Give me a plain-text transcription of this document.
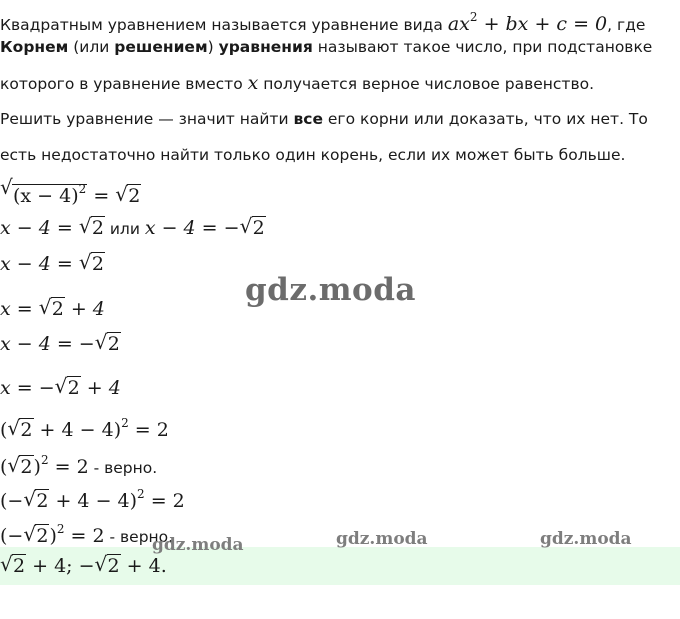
Квадратным уравнением называется уравнение вида $ax^2$ + bx + c = 0, где
Корнем (или решением) уравнения называют такое число, при подстановке
которого в уравнение вместо x получается верное числовое равенство.
Решить уравнение — значит найти все его корни или доказать, что их нет. То
есть недостаточно найти только один корень, если их может быть больше.
√ $(x - 4)^2$ = √ 2
x − 4 = √ 2 или x − 4 = − √ 2
x − 4 = √ 2
x = √ 2 + 4
x − 4 = − √ 2
x = − √ 2 + 4
( √ 2 + 4 − 4)$^2$ = 2
( √ 2)$^2$ = 2 - верно.
(− √ 2 + 4 − 4)$^2$ = 2
(− √ 2)$^2$ = 2 - верно.
√ 2 + 4; − √ 2 + 4.
gdz.moda
gdz.moda	gdz.moda	gdz.moda
